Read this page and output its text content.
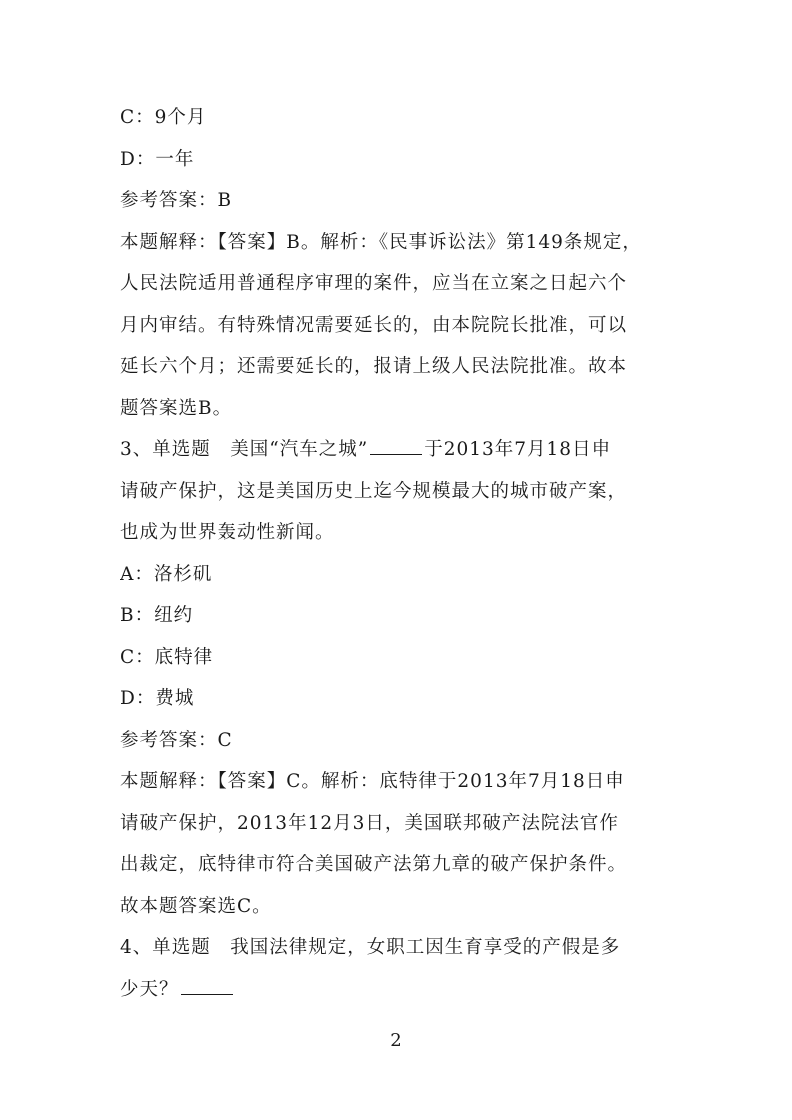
C：9个月
D：一年
参考答案：B
本题解释：【答案】B。解析：《民事诉讼法》第149条规定，
人民法院适用普通程序审理的案件，应当在立案之日起六个
月内审结。有特殊情况需要延长的，由本院院长批准，可以
延长六个月；还需要延长的，报请上级人民法院批准。故本
题答案选B。
3、单选题　美国“汽车之城”	于2013年7月18日申
请破产保护，这是美国历史上迄今规模最大的城市破产案，
也成为世界轰动性新闻。
A：洛杉矶
B：纽约
C：底特律
D：费城
参考答案：C
本题解释：【答案】C。解析：底特律于2013年7月18日申
请破产保护，2013年12月3日，美国联邦破产法院法官作
出裁定，底特律市符合美国破产法第九章的破产保护条件。
故本题答案选C。
4、单选题　我国法律规定，女职工因生育享受的产假是多
少天？
2
